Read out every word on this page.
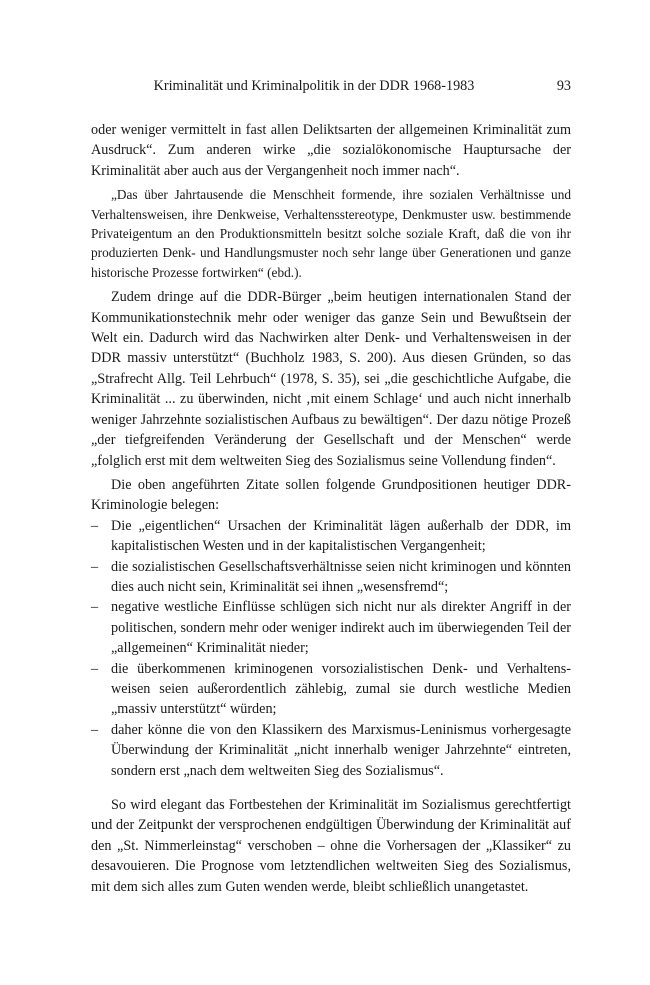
Kriminalität und Kriminalpolitik in der DDR 1968-1983	93

oder weniger vermittelt in fast allen Deliktsarten der allgemeinen Kriminalität zum Ausdruck“. Zum anderen wirke „die sozialökonomische Hauptursache der Kriminalität aber auch aus der Vergangenheit noch immer nach“.

„Das über Jahrtausende die Menschheit formende, ihre sozialen Verhältnisse und Verhaltensweisen, ihre Denkweise, Verhaltensstereotype, Denkmuster usw. bestimmende Privateigentum an den Produktionsmitteln besitzt solche soziale Kraft, daß die von ihr produzierten Denk- und Handlungsmuster noch sehr lange über Generationen und ganze historische Prozesse fortwirken“ (ebd.).

Zudem dringe auf die DDR-Bürger „beim heutigen internationalen Stand der Kommunikationstechnik mehr oder weniger das ganze Sein und Bewußtsein der Welt ein. Dadurch wird das Nachwirken alter Denk- und Verhaltensweisen in der DDR massiv unterstützt“ (Buchholz 1983, S. 200). Aus diesen Gründen, so das „Strafrecht Allg. Teil Lehrbuch“ (1978, S. 35), sei „die geschichtliche Aufgabe, die Kriminalität ... zu überwinden, nicht ‚mit einem Schlage‘ und auch nicht innerhalb weniger Jahrzehnte sozialistischen Aufbaus zu bewältigen“. Der dazu nötige Prozeß „der tiefgreifenden Veränderung der Gesellschaft und der Menschen“ werde „folglich erst mit dem weltweiten Sieg des Sozialismus seine Vollendung finden“.

Die oben angeführten Zitate sollen folgende Grundpositionen heutiger DDR-Kriminologie belegen:

– Die „eigentlichen“ Ursachen der Kriminalität lägen außerhalb der DDR, im kapitalistischen Westen und in der kapitalistischen Vergangenheit;
– die sozialistischen Gesellschaftsverhältnisse seien nicht kriminogen und könnten dies auch nicht sein, Kriminalität sei ihnen „wesensfremd“;
– negative westliche Einflüsse schlügen sich nicht nur als direkter Angriff in der politischen, sondern mehr oder weniger indirekt auch im überwiegenden Teil der „allgemeinen“ Kriminalität nieder;
– die überkommenen kriminogenen vorsozialistischen Denk- und Verhaltensweisen seien außerordentlich zählebig, zumal sie durch westliche Medien „massiv unterstützt“ würden;
– daher könne die von den Klassikern des Marxismus-Leninismus vorhergesagte Überwindung der Kriminalität „nicht innerhalb weniger Jahrzehnte“ eintreten, sondern erst „nach dem weltweiten Sieg des Sozialismus“.

So wird elegant das Fortbestehen der Kriminalität im Sozialismus gerechtfertigt und der Zeitpunkt der versprochenen endgültigen Überwindung der Kriminalität auf den „St. Nimmerleinstag“ verschoben – ohne die Vorhersagen der „Klassiker“ zu desavouieren. Die Prognose vom letztendlichen weltweiten Sieg des Sozialismus, mit dem sich alles zum Guten wenden werde, bleibt schließlich unangetastet.
